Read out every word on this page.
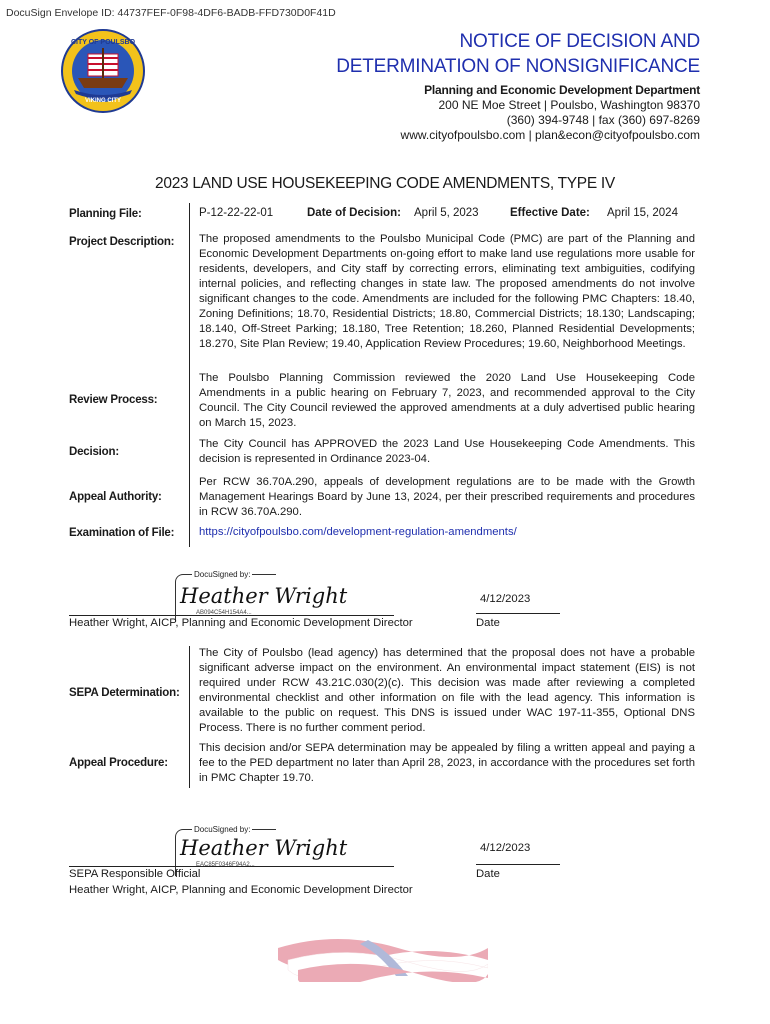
DocuSign Envelope ID: 44737FEF-0F98-4DF6-BADB-FFD730D0F41D
CITY OF POULSBO
VIKING CITY
NOTICE OF DECISION AND
DETERMINATION OF NONSIGNIFICANCE
Planning and Economic Development Department
200 NE Moe Street | Poulsbo, Washington 98370
(360) 394-9748 | fax (360) 697-8269
www.cityofpoulsbo.com | plan&econ@cityofpoulsbo.com
2023 LAND USE HOUSEKEEPING CODE AMENDMENTS, TYPE IV
Planning File:	P-12-22-22-01	Date of Decision: April 5, 2023	Effective Date: April 15, 2024
Project Description: The proposed amendments to the Poulsbo Municipal Code (PMC) are part of the Planning and Economic Development Departments on-going effort to make land use regulations more usable for residents, developers, and City staff by correcting errors, eliminating text ambiguities, codifying internal policies, and reflecting changes in state law. The proposed amendments do not involve significant changes to the code. Amendments are included for the following PMC Chapters: 18.40, Zoning Definitions; 18.70, Residential Districts; 18.80, Commercial Districts; 18.130; Landscaping; 18.140, Off-Street Parking; 18.180, Tree Retention; 18.260, Planned Residential Developments; 18.270, Site Plan Review; 19.40, Application Review Procedures; 19.60, Neighborhood Meetings.
Review Process:
The Poulsbo Planning Commission reviewed the 2020 Land Use Housekeeping Code Amendments in a public hearing on February 7, 2023, and recommended approval to the City Council. The City Council reviewed the approved amendments at a duly advertised public hearing on March 15, 2023.
Decision:
The City Council has APPROVED the 2023 Land Use Housekeeping Code Amendments. This decision is represented in Ordinance 2023-04.
Appeal Authority:
Per RCW 36.70A.290, appeals of development regulations are to be made with the Growth Management Hearings Board by June 13, 2024, per their prescribed requirements and procedures in RCW 36.70A.290.
Examination of File: https://cityofpoulsbo.com/development-regulation-amendments/
DocuSigned by:
Heather Wright
AB094C54H154A4...
Heather Wright, AICP, Planning and Economic Development Director
4/12/2023
Date
SEPA Determination:
The City of Poulsbo (lead agency) has determined that the proposal does not have a probable significant adverse impact on the environment. An environmental impact statement (EIS) is not required under RCW 43.21C.030(2)(c). This decision was made after reviewing a completed environmental checklist and other information on file with the lead agency. This information is available to the public on request. This DNS is issued under WAC 197-11-355, Optional DNS Process. There is no further comment period.
Appeal Procedure:
This decision and/or SEPA determination may be appealed by filing a written appeal and paying a fee to the PED department no later than April 28, 2023, in accordance with the procedures set forth in PMC Chapter 19.70.
DocuSigned by:
Heather Wright
EAC85F0346F94A2...
SEPA Responsible Official
Heather Wright, AICP, Planning and Economic Development Director
4/12/2023
Date
